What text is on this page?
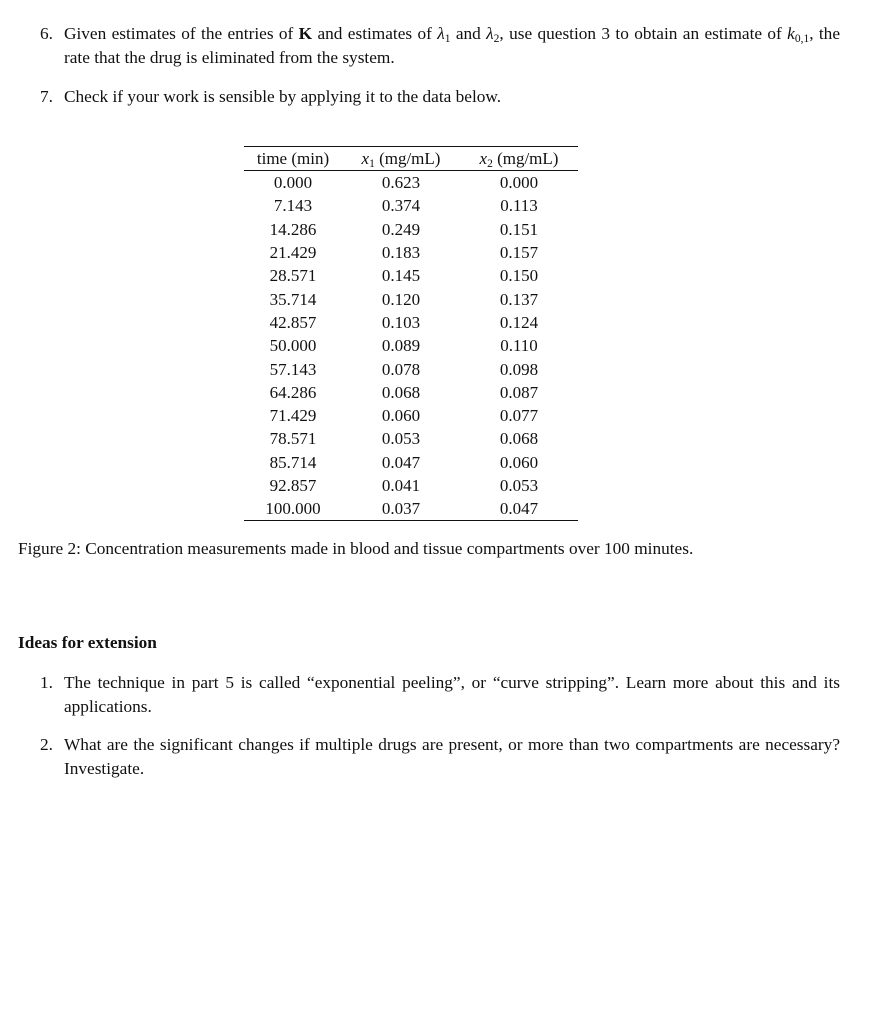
6. Given estimates of the entries of K and estimates of $\lambda_1$ and $\lambda_2$, use question 3 to obtain an estimate of $k_{0,1}$, the rate that the drug is eliminated from the system.
7. Check if your work is sensible by applying it to the data below.
time (min)	$x_1$ (mg/mL)	$x_2$ (mg/mL)
0.000	0.623	0.000
7.143	0.374	0.113
14.286	0.249	0.151
21.429	0.183	0.157
28.571	0.145	0.150
35.714	0.120	0.137
42.857	0.103	0.124
50.000	0.089	0.110
57.143	0.078	0.098
64.286	0.068	0.087
71.429	0.060	0.077
78.571	0.053	0.068
85.714	0.047	0.060
92.857	0.041	0.053
100.000	0.037	0.047
Figure 2: Concentration measurements made in blood and tissue compartments over 100 minutes.
Ideas for extension
1. The technique in part 5 is called “exponential peeling”, or “curve stripping”. Learn more about this and its applications.
2. What are the significant changes if multiple drugs are present, or more than two compartments are necessary? Investigate.
